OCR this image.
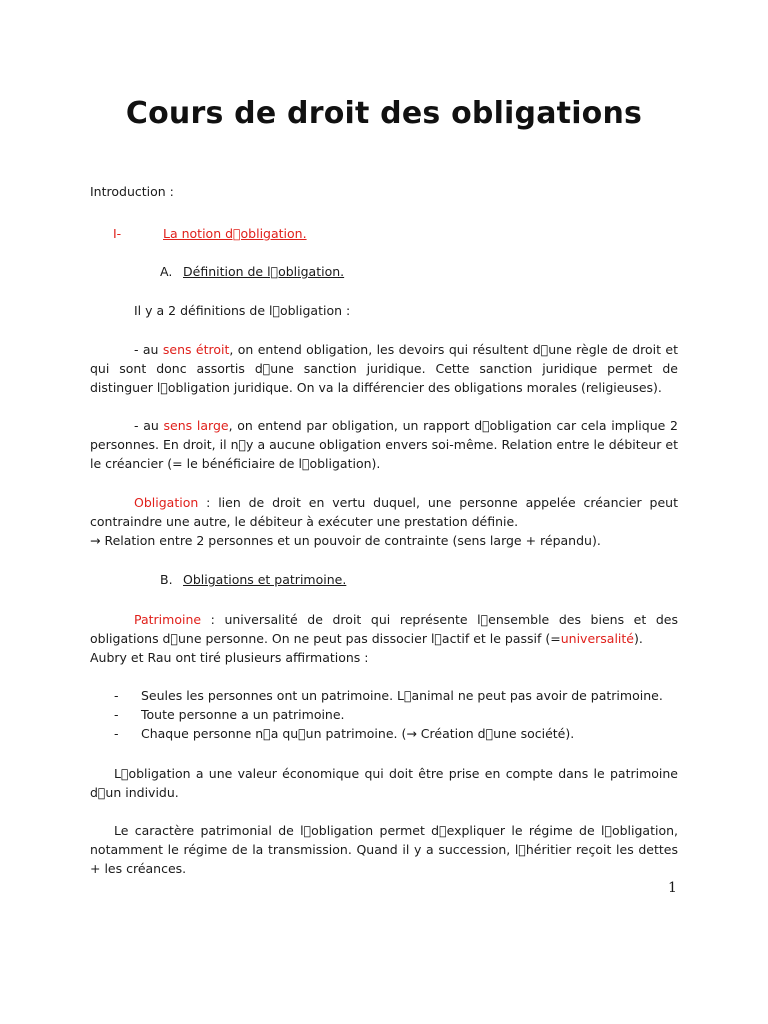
Cours de droit des obligations
Introduction :
I-	La notion d obligation.
A. Définition de l obligation.
Il y a 2 définitions de l obligation :
- au sens étroit, on entend obligation, les devoirs qui résultent d une règle de droit et qui sont donc assortis d une sanction juridique. Cette sanction juridique permet de distinguer l obligation juridique. On va la différencier des obligations morales (religieuses).
- au sens large, on entend par obligation, un rapport d obligation car cela implique 2 personnes. En droit, il n y a aucune obligation envers soi-même. Relation entre le débiteur et le créancier (= le bénéficiaire de l obligation).
Obligation : lien de droit en vertu duquel, une personne appelée créancier peut contraindre une autre, le débiteur à exécuter une prestation définie.
→ Relation entre 2 personnes et un pouvoir de contrainte (sens large + répandu).
B. Obligations et patrimoine.
Patrimoine : universalité de droit qui représente l ensemble des biens et des obligations d une personne. On ne peut pas dissocier l actif et le passif (=universalité).
Aubry et Rau ont tiré plusieurs affirmations :
- Seules les personnes ont un patrimoine. L animal ne peut pas avoir de patrimoine.
- Toute personne a un patrimoine.
- Chaque personne n a qu un patrimoine. (→ Création d une société).
L obligation a une valeur économique qui doit être prise en compte dans le patrimoine d un individu.
Le caractère patrimonial de l obligation permet d expliquer le régime de l obligation, notamment le régime de la transmission. Quand il y a succession, l héritier reçoit les dettes + les créances.
1
